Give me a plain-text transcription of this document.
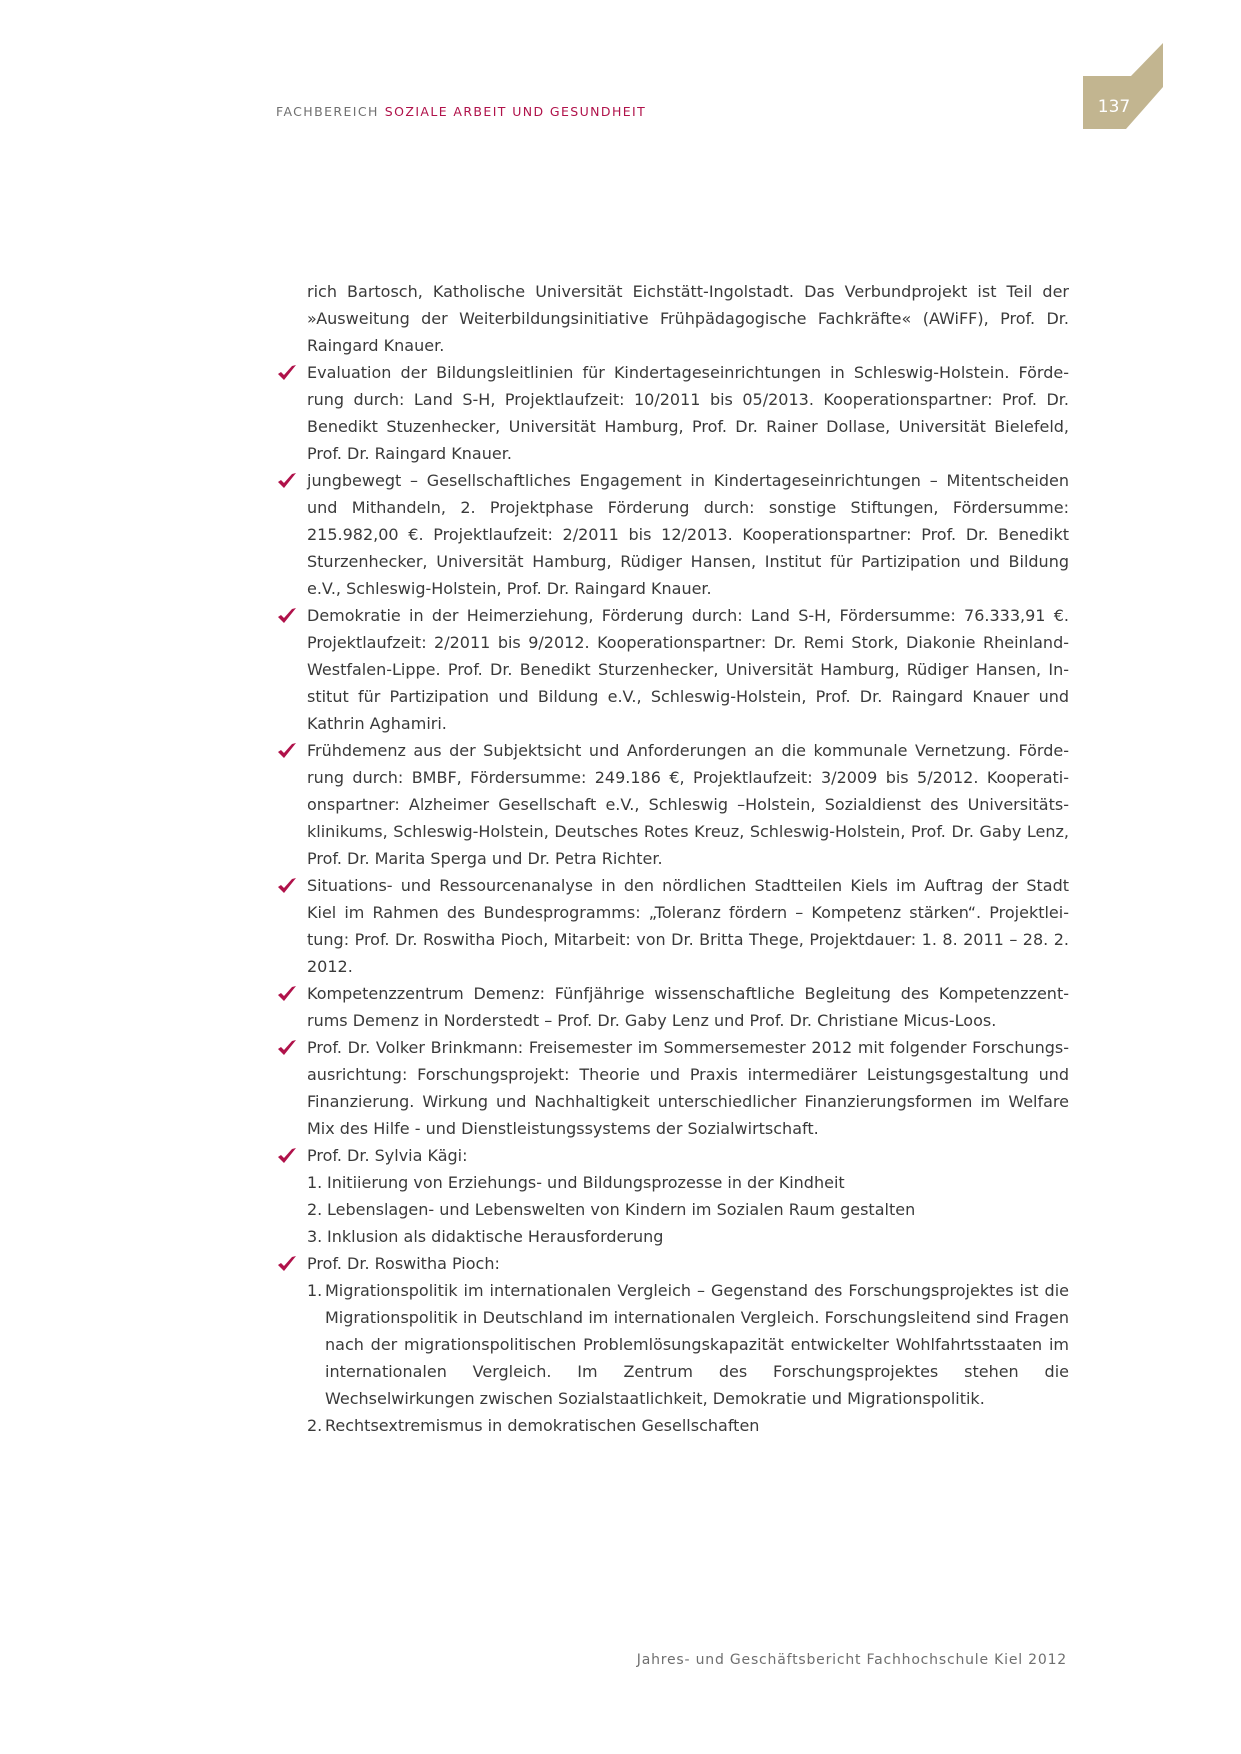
FACHBEREICH SOZIALE ARBEIT UND GESUNDHEIT	137

rich Bartosch, Katholische Universität Eichstätt-Ingolstadt. Das Verbundprojekt ist Teil der »Ausweitung der Weiterbildungsinitiative Frühpädagogische Fachkräfte« (AWiFF), Prof. Dr. Raingard Knauer.

Evaluation der Bildungsleitlinien für Kindertageseinrichtungen in Schleswig-Holstein. Förderung durch: Land S-H, Projektlaufzeit: 10/2011 bis 05/2013. Kooperationspartner: Prof. Dr. Benedikt Stuzenhecker, Universität Hamburg, Prof. Dr. Rainer Dollase, Universität Bielefeld, Prof. Dr. Raingard Knauer.
jungbewegt – Gesellschaftliches Engagement in Kindertageseinrichtungen – Mitentscheiden und Mithandeln, 2. Projektphase Förderung durch: sonstige Stiftungen, Fördersumme: 215.982,00 €. Projektlaufzeit: 2/2011 bis 12/2013. Kooperationspartner: Prof. Dr. Benedikt Sturzenhecker, Universität Hamburg, Rüdiger Hansen, Institut für Partizipation und Bildung e.V., Schleswig-Holstein, Prof. Dr. Raingard Knauer.
Demokratie in der Heimerziehung, Förderung durch: Land S-H, Fördersumme: 76.333,91 €. Projektlaufzeit: 2/2011 bis 9/2012. Kooperationspartner: Dr. Remi Stork, Diakonie Rheinland-Westfalen-Lippe. Prof. Dr. Benedikt Sturzenhecker, Universität Hamburg, Rüdiger Hansen, Institut für Partizipation und Bildung e.V., Schleswig-Holstein, Prof. Dr. Raingard Knauer und Kathrin Aghamiri.
Frühdemenz aus der Subjektsicht und Anforderungen an die kommunale Vernetzung. Förderung durch: BMBF, Fördersumme: 249.186 €, Projektlaufzeit: 3/2009 bis 5/2012. Kooperationspartner: Alzheimer Gesellschaft e.V., Schleswig –Holstein, Sozialdienst des Universitätsklinikums, Schleswig-Holstein, Deutsches Rotes Kreuz, Schleswig-Holstein, Prof. Dr. Gaby Lenz, Prof. Dr. Marita Sperga und Dr. Petra Richter.
Situations- und Ressourcenanalyse in den nördlichen Stadtteilen Kiels im Auftrag der Stadt Kiel im Rahmen des Bundesprogramms: „Toleranz fördern – Kompetenz stärken“. Projektleitung: Prof. Dr. Roswitha Pioch, Mitarbeit: von Dr. Britta Thege, Projektdauer: 1. 8. 2011 – 28. 2. 2012.
Kompetenzzentrum Demenz: Fünfjährige wissenschaftliche Begleitung des Kompetenzzentrums Demenz in Norderstedt – Prof. Dr. Gaby Lenz und Prof. Dr. Christiane Micus-Loos.
Prof. Dr. Volker Brinkmann: Freisemester im Sommersemester 2012 mit folgender Forschungsausrichtung: Forschungsprojekt: Theorie und Praxis intermediärer Leistungsgestaltung und Finanzierung. Wirkung und Nachhaltigkeit unterschiedlicher Finanzierungsformen im Welfare Mix des Hilfe - und Dienstleistungssystems der Sozialwirtschaft.
Prof. Dr. Sylvia Kägi:
1. Initiierung von Erziehungs- und Bildungsprozesse in der Kindheit
2. Lebenslagen- und Lebenswelten von Kindern im Sozialen Raum gestalten
3. Inklusion als didaktische Herausforderung
Prof. Dr. Roswitha Pioch:
1. Migrationspolitik im internationalen Vergleich – Gegenstand des Forschungsprojektes ist die Migrationspolitik in Deutschland im internationalen Vergleich. Forschungsleitend sind Fragen nach der migrationspolitischen Problemlösungskapazität entwickelter Wohlfahrtsstaaten im internationalen Vergleich. Im Zentrum des Forschungsprojektes stehen die Wechselwirkungen zwischen Sozialstaatlichkeit, Demokratie und Migrationspolitik.
2. Rechtsextremismus in demokratischen Gesellschaften
Jahres- und Geschäftsbericht Fachhochschule Kiel 2012
